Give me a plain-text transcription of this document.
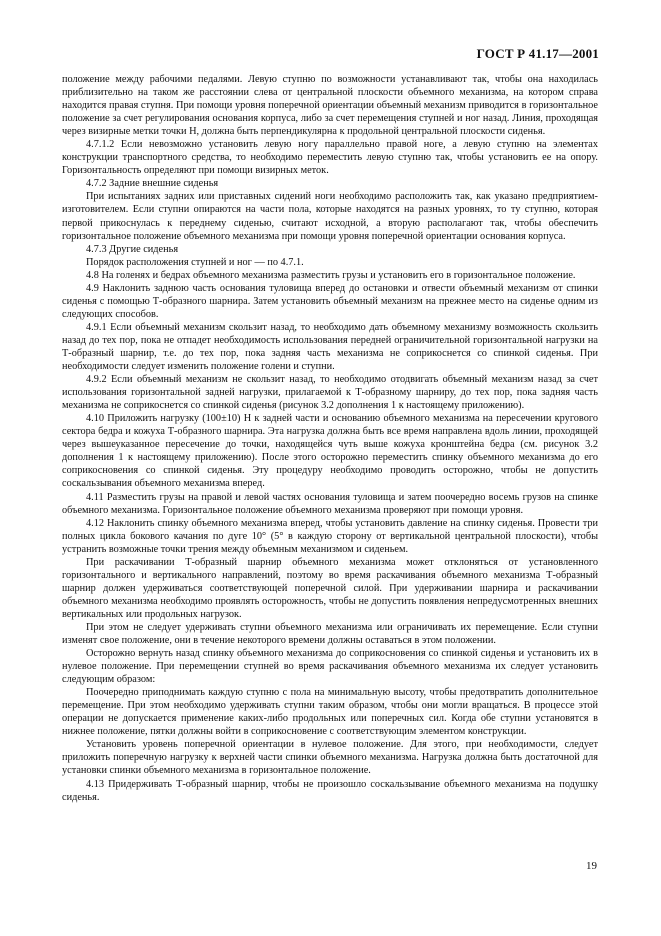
ГОСТ Р 41.17—2001

положение между рабочими педалями. Левую ступню по возможности устанавливают так, чтобы она находилась приблизительно на таком же расстоянии слева от центральной плоскости объемного механизма, на котором справа находится правая ступня. При помощи уровня поперечной ориентации объемный механизм приводится в горизонтальное положение за счет регулирования основания корпуса, либо за счет перемещения ступней и ног назад. Линия, проходящая через визирные метки точки H, должна быть перпендикулярна к продольной центральной плоскости сиденья.

4.7.1.2 Если невозможно установить левую ногу параллельно правой ноге, а левую ступню на элементах конструкции транспортного средства, то необходимо переместить левую ступню так, чтобы установить ее на опору. Горизонтальность определяют при помощи визирных меток.

4.7.2 Задние внешние сиденья

При испытаниях задних или приставных сидений ноги необходимо расположить так, как указано предприятием-изготовителем. Если ступни опираются на части пола, которые находятся на разных уровнях, то ту ступню, которая первой прикоснулась к переднему сиденью, считают исходной, а вторую располагают так, чтобы обеспечить горизонтальное положение объемного механизма при помощи уровня поперечной ориентации основания корпуса.

4.7.3 Другие сиденья

Порядок расположения ступней и ног — по 4.7.1.

4.8 На голенях и бедрах объемного механизма разместить грузы и установить его в горизонтальное положение.

4.9 Наклонить заднюю часть основания туловища вперед до остановки и отвести объемный механизм от спинки сиденья с помощью Т-образного шарнира. Затем установить объемный механизм на прежнее место на сиденье одним из следующих способов.

4.9.1 Если объемный механизм скользит назад, то необходимо дать объемному механизму возможность скользить назад до тех пор, пока не отпадет необходимость использования передней ограничительной горизонтальной нагрузки на Т-образный шарнир, т.е. до тех пор, пока задняя часть механизма не соприкоснется со спинкой сиденья. При необходимости следует изменить положение голени и ступни.

4.9.2 Если объемный механизм не скользит назад, то необходимо отодвигать объемный механизм назад за счет использования горизонтальной задней нагрузки, прилагаемой к Т-образному шарниру, до тех пор, пока задняя часть механизма не соприкоснется со спинкой сиденья (рисунок 3.2 дополнения 1 к настоящему приложению).

4.10 Приложить нагрузку (100±10) Н к задней части и основанию объемного механизма на пересечении кругового сектора бедра и кожуха Т-образного шарнира. Эта нагрузка должна быть все время направлена вдоль линии, проходящей через вышеуказанное пересечение до точки, находящейся чуть выше кожуха кронштейна бедра (см. рисунок 3.2 дополнения 1 к настоящему приложению). После этого осторожно переместить спинку объемного механизма до его соприкосновения со спинкой сиденья. Эту процедуру необходимо проводить осторожно, чтобы не допустить соскальзывания объемного механизма вперед.

4.11 Разместить грузы на правой и левой частях основания туловища и затем поочередно восемь грузов на спинке объемного механизма. Горизонтальное положение объемного механизма проверяют при помощи уровня.

4.12 Наклонить спинку объемного механизма вперед, чтобы установить давление на спинку сиденья. Провести три полных цикла бокового качания по дуге 10° (5° в каждую сторону от вертикальной центральной плоскости), чтобы устранить возможные точки трения между объемным механизмом и сиденьем.

При раскачивании Т-образный шарнир объемного механизма может отклоняться от установленного горизонтального и вертикального направлений, поэтому во время раскачивания объемного механизма Т-образный шарнир должен удерживаться соответствующей поперечной силой. При удерживании шарнира и раскачивании объемного механизма необходимо проявлять осторожность, чтобы не допустить появления непредусмотренных внешних вертикальных или продольных нагрузок.

При этом не следует удерживать ступни объемного механизма или ограничивать их перемещение. Если ступни изменят свое положение, они в течение некоторого времени должны оставаться в этом положении.

Осторожно вернуть назад спинку объемного механизма до соприкосновения со спинкой сиденья и установить их в нулевое положение. При перемещении ступней во время раскачивания объемного механизма их следует установить следующим образом:

Поочередно приподнимать каждую ступню с пола на минимальную высоту, чтобы предотвратить дополнительное перемещение. При этом необходимо удерживать ступни таким образом, чтобы они могли вращаться. В процессе этой операции не допускается применение каких-либо продольных или поперечных сил. Когда обе ступни установятся в нижнее положение, пятки должны войти в соприкосновение с соответствующим элементом конструкции.

Установить уровень поперечной ориентации в нулевое положение. Для этого, при необходимости, следует приложить поперечную нагрузку к верхней части спинки объемного механизма. Нагрузка должна быть достаточной для установки спинки объемного механизма в горизонтальное положение.

4.13 Придерживать Т-образный шарнир, чтобы не произошло соскальзывание объемного механизма на подушку сиденья.

19
